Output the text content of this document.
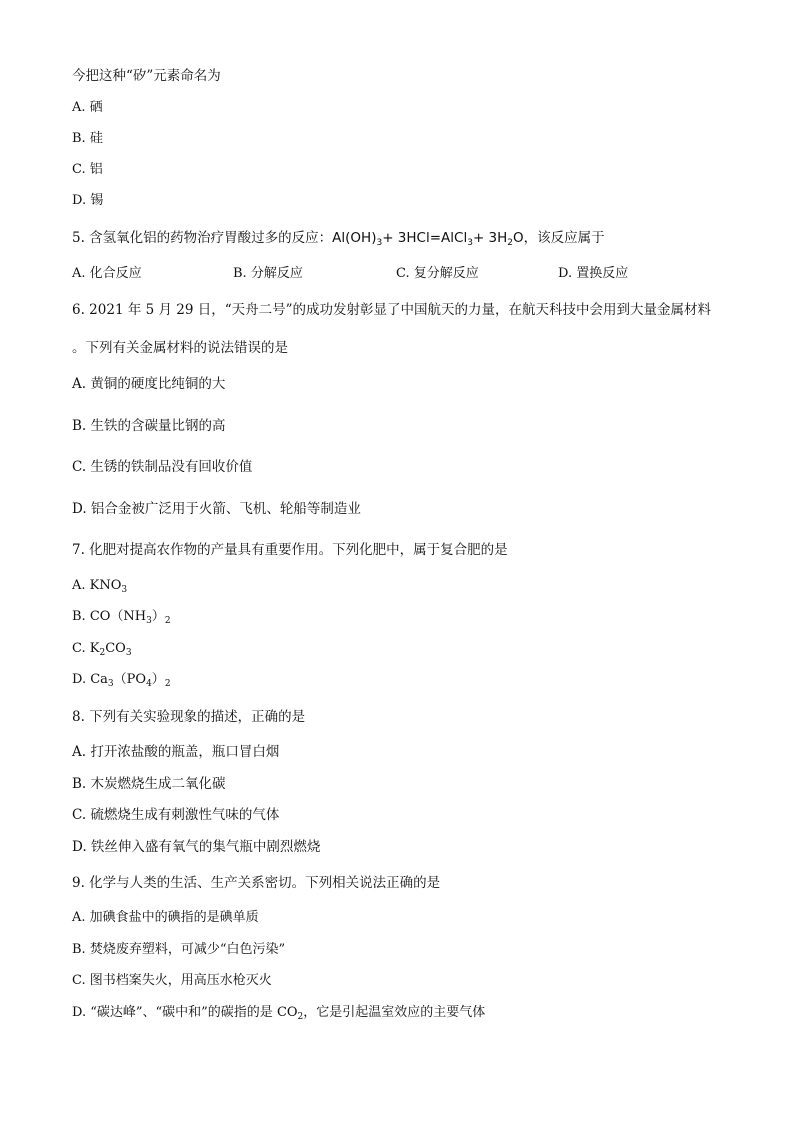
今把这种“矽”元素命名为
A. 硒
B. 硅
C. 铝
D. 锡
5. 含氢氧化铝的药物治疗胃酸过多的反应：$Al(OH)_3+$ 3HCl=AlCl$_3$+ $3H_2O$，该反应属于
A. 化合反应	B. 分解反应	C. 复分解反应	D. 置换反应
6. 2021 年 5 月 29 日，“天舟二号”的成功发射彰显了中国航天的力量，在航天科技中会用到大量金属材料
。下列有关金属材料的说法错误的是
A. 黄铜的硬度比纯铜的大
B. 生铁的含碳量比钢的高
C. 生锈的铁制品没有回收价值
D. 铝合金被广泛用于火箭、飞机、轮船等制造业
7. 化肥对提高农作物的产量具有重要作用。下列化肥中，属于复合肥的是
A. $KNO_3$
B. $CO(NH_3)_2$
C. $K_2CO_3$
D. $Ca_3(PO_4)_2$
8. 下列有关实验现象的描述，正确的是
A. 打开浓盐酸的瓶盖，瓶口冒白烟
B. 木炭燃烧生成二氧化碳
C. 硫燃烧生成有刺激性气味的气体
D. 铁丝伸入盛有氧气的集气瓶中剧烈燃烧
9. 化学与人类的生活、生产关系密切。下列相关说法正确的是
A. 加碘食盐中的碘指的是碘单质
B. 焚烧废弃塑料，可减少“白色污染”
C. 图书档案失火，用高压水枪灭火
D. “碳达峰”、“碳中和”的碳指的是 $CO_2$，它是引起温室效应的主要气体
